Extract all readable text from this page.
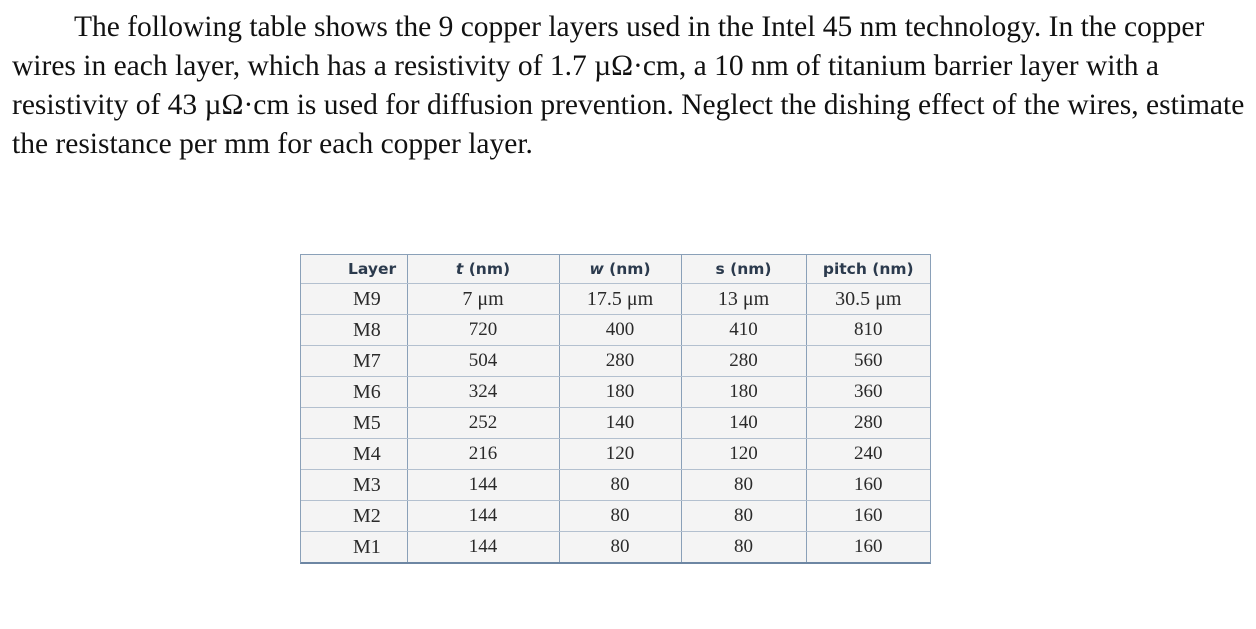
The following table shows the 9 copper layers used in the Intel 45 nm technology. In the copper wires in each layer, which has a resistivity of 1.7 µΩ·cm, a 10 nm of titanium barrier layer with a resistivity of 43 µΩ·cm is used for diffusion prevention. Neglect the dishing effect of the wires, estimate the resistance per mm for each copper layer.

Layer	t (nm)	w (nm)	s (nm)	pitch (nm)
M9	7 μm	17.5 μm	13 μm	30.5 μm
M8	720	400	410	810
M7	504	280	280	560
M6	324	180	180	360
M5	252	140	140	280
M4	216	120	120	240
M3	144	80	80	160
M2	144	80	80	160
M1	144	80	80	160
